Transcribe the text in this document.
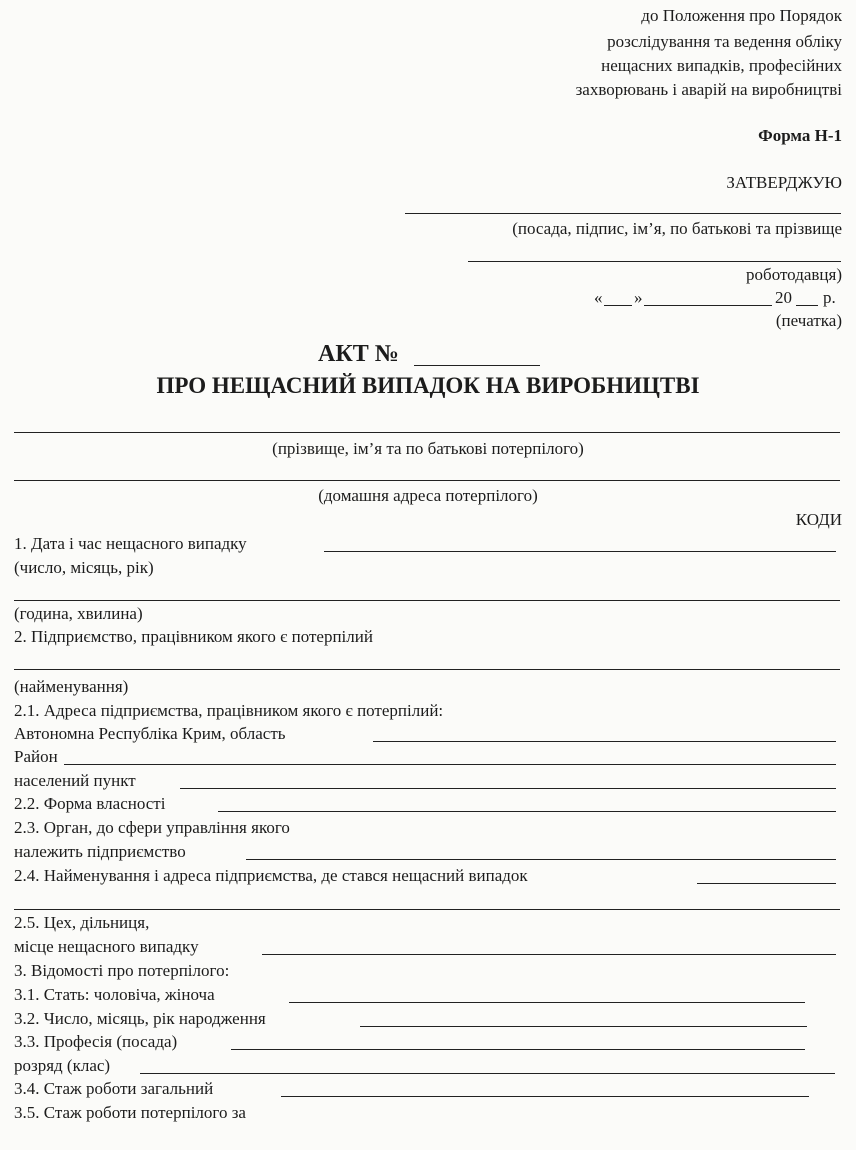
до Положення про Порядок
розслідування та ведення обліку
нещасних випадків, професійних
захворювань і аварій на виробництві
Форма Н-1
ЗАТВЕРДЖУЮ
(посада, підпис, ім’я, по батькові та прізвище
роботодавця)
« »	20 р.
(печатка)
АКТ №
ПРО НЕЩАСНИЙ ВИПАДОК НА ВИРОБНИЦТВІ
(прізвище, ім’я та по батькові потерпілого)
(домашня адреса потерпілого)
КОДИ
1. Дата і час нещасного випадку
(число, місяць, рік)
(година, хвилина)
2. Підприємство, працівником якого є потерпілий
(найменування)
2.1. Адреса підприємства, працівником якого є потерпілий:
Автономна Республіка Крим, область
Район
населений пункт
2.2. Форма власності
2.3. Орган, до сфери управління якого
належить підприємство
2.4. Найменування і адреса підприємства, де стався нещасний випадок
2.5. Цех, дільниця,
місце нещасного випадку
3. Відомості про потерпілого:
3.1. Стать: чоловіча, жіноча
3.2. Число, місяць, рік народження
3.3. Професія (посада)
розряд (клас)
3.4. Стаж роботи загальний
3.5. Стаж роботи потерпілого за
